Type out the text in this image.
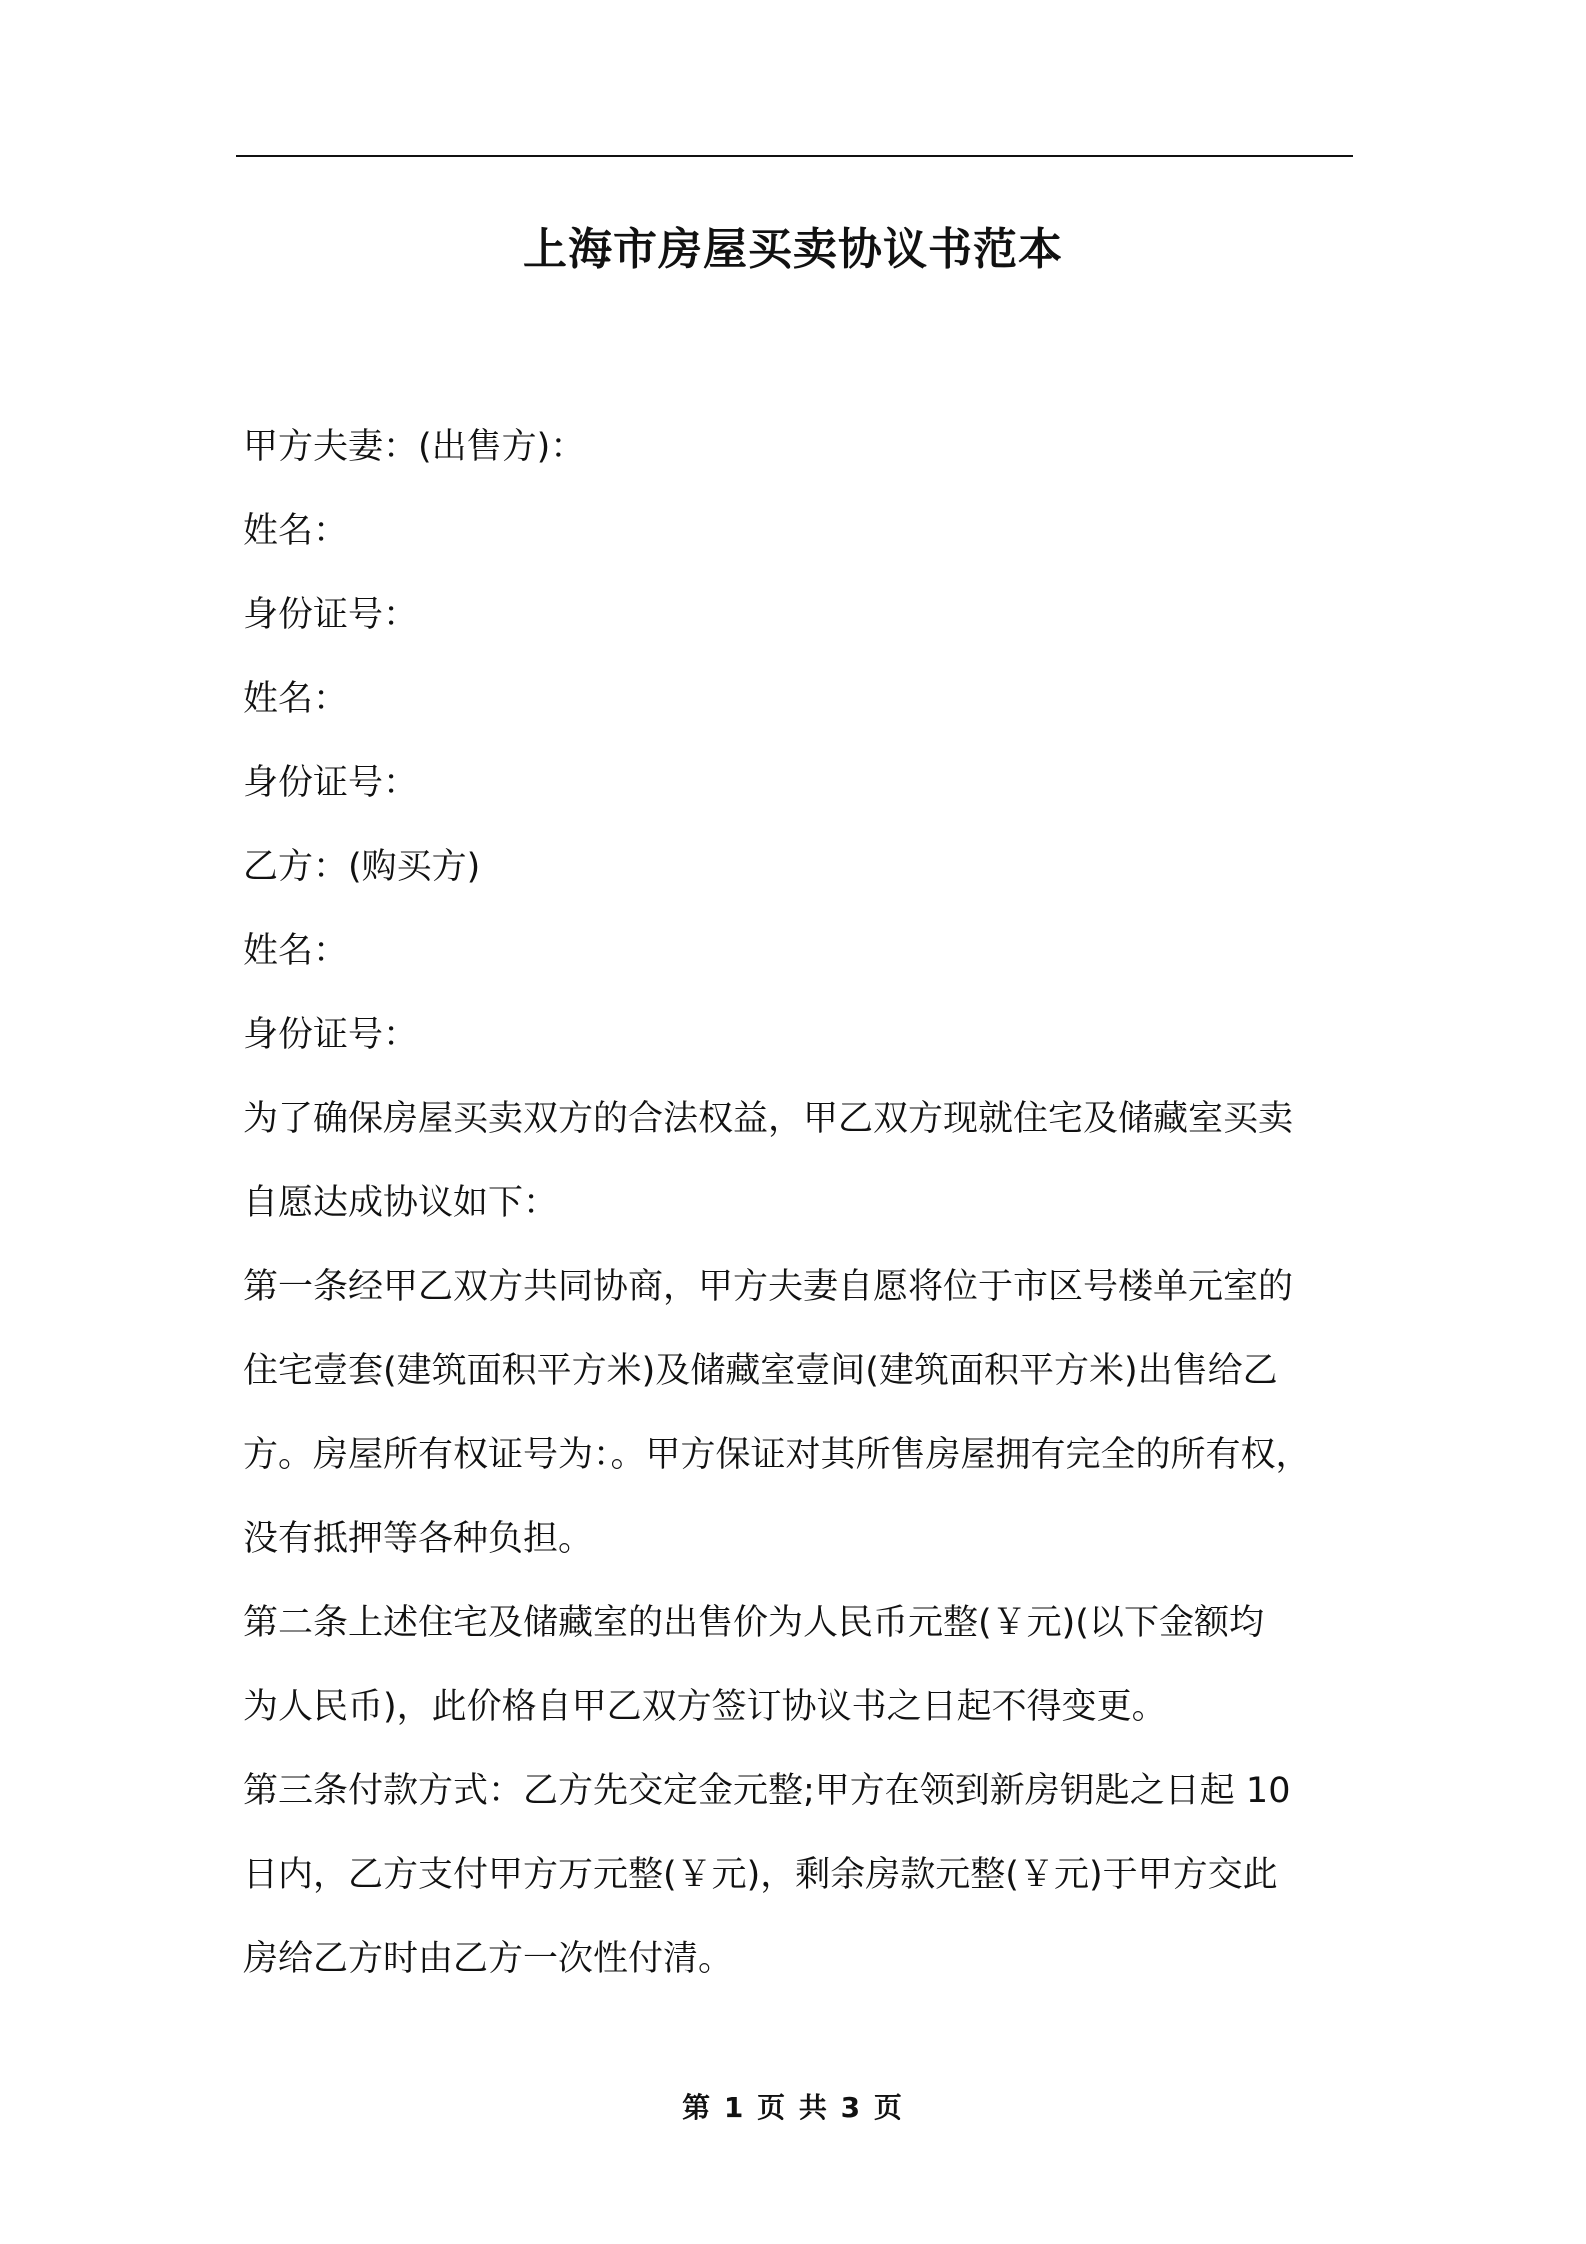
上海市房屋买卖协议书范本
甲方夫妻：(出售方)：
姓名：
身份证号：
姓名：
身份证号：
乙方：(购买方)
姓名：
身份证号：
为了确保房屋买卖双方的合法权益，甲乙双方现就住宅及储藏室买卖
自愿达成协议如下：
第一条经甲乙双方共同协商，甲方夫妻自愿将位于市区号楼单元室的
住宅壹套(建筑面积平方米)及储藏室壹间(建筑面积平方米)出售给乙
方。房屋所有权证号为：。甲方保证对其所售房屋拥有完全的所有权，
没有抵押等各种负担。
第二条上述住宅及储藏室的出售价为人民币元整(￥元)(以下金额均
为人民币)，此价格自甲乙双方签订协议书之日起不得变更。
第三条付款方式：乙方先交定金元整;甲方在领到新房钥匙之日起 10
日内，乙方支付甲方万元整(￥元)，剩余房款元整(￥元)于甲方交此
房给乙方时由乙方一次性付清。
第 1 页 共 3 页
